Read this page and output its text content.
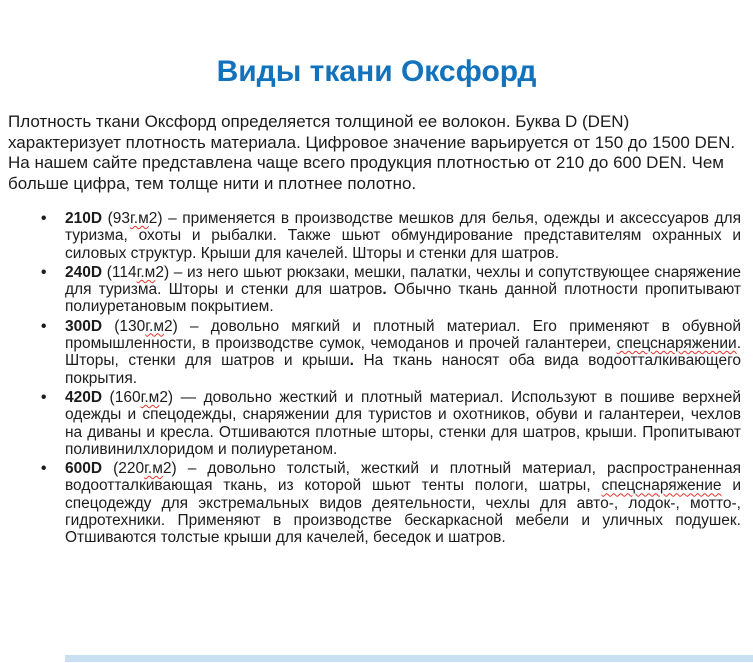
Виды ткани Оксфорд

Плотность ткани Оксфорд определяется толщиной ее волокон. Буква D (DEN) характеризует плотность материала. Цифровое значение варьируется от 150 до 1500 DEN. На нашем сайте представлена чаще всего продукция плотностью от 210 до 600 DEN. Чем больше цифра, тем толще нити и плотнее полотно.

• 210D (93г.м2) – применяется в производстве мешков для белья, одежды и аксессуаров для туризма, охоты и рыбалки. Также шьют обмундирование представителям охранных и силовых структур. Крыши для качелей. Шторы и стенки для шатров.
• 240D (114г.м2) – из него шьют рюкзаки, мешки, палатки, чехлы и сопутствующее снаряжение для туризма. Шторы и стенки для шатров. Обычно ткань данной плотности пропитывают полиуретановым покрытием.
• 300D (130г.м2) – довольно мягкий и плотный материал. Его применяют в обувной промышленности, в производстве сумок, чемоданов и прочей галантереи, спецснаряжении. Шторы, стенки для шатров и крыши. На ткань наносят оба вида водоотталкивающего покрытия.
• 420D (160г.м2) — довольно жесткий и плотный материал. Используют в пошиве верхней одежды и спецодежды, снаряжении для туристов и охотников, обуви и галантереи, чехлов на диваны и кресла. Отшиваются плотные шторы, стенки для шатров, крыши. Пропитывают поливинилхлоридом и полиуретаном.
• 600D (220г.м2) – довольно толстый, жесткий и плотный материал, распространенная водоотталкивающая ткань, из которой шьют тенты пологи, шатры, спецснаряжение и спецодежду для экстремальных видов деятельности, чехлы для авто-, лодок-, мотто-, гидротехники. Применяют в производстве бескаркасной мебели и уличных подушек. Отшиваются толстые крыши для качелей, беседок и шатров.
